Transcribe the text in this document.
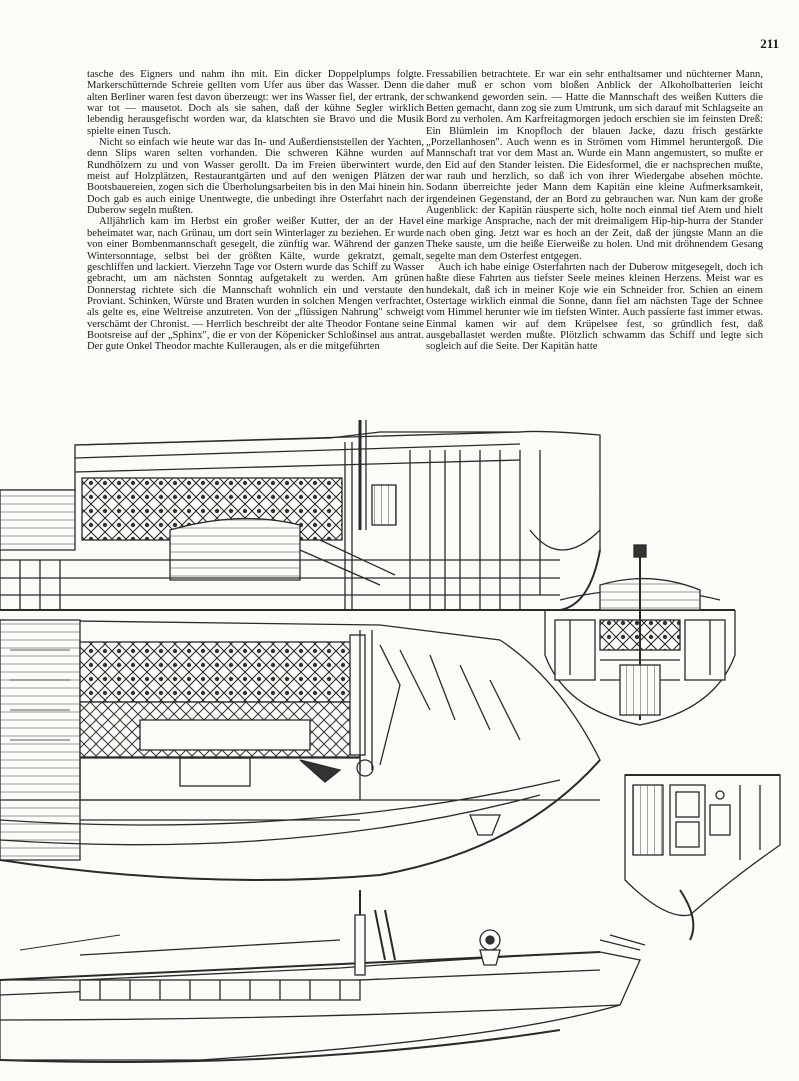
211

tasche des Eigners und nahm ihn mit. Ein dicker Doppelplumps folgte. Markerschütternde Schreie gellten vom Ufer aus über das Wasser. Denn die alten Berliner waren fest davon überzeugt: wer ins Wasser fiel, der ertrank, der war tot — mausetot. Doch als sie sahen, daß der kühne Segler wirklich lebendig herausgefischt worden war, da klatschten sie Bravo und die Musik spielte einen Tusch.

Nicht so einfach wie heute war das In- und Außerdienststellen der Yachten, denn Slips waren selten vorhanden. Die schweren Kähne wurden auf Rundhölzern zu und von Wasser gerollt. Da im Freien überwintert wurde, meist auf Holzplätzen, Restaurantgärten und auf den wenigen Plätzen der Bootsbauereien, zogen sich die Überholungsarbeiten bis in den Mai hinein hin. Doch gab es auch einige Unentwegte, die unbedingt ihre Osterfahrt nach der Duberow segeln mußten.

Alljährlich kam im Herbst ein großer weißer Kutter, der an der Havel beheimatet war, nach Grünau, um dort sein Winterlager zu beziehen. Er wurde von einer Bombenmannschaft gesegelt, die zünftig war. Während der ganzen Wintersonntage, selbst bei der größten Kälte, wurde gekratzt, gemalt, geschliffen und lackiert. Vierzehn Tage vor Ostern wurde das Schiff zu Wasser gebracht, um am nächsten Sonntag aufgetakelt zu werden. Am grünen Donnerstag richtete sich die Mannschaft wohnlich ein und verstaute den Proviant. Schinken, Würste und Braten wurden in solchen Mengen verfrachtet, als gelte es, eine Weltreise anzutreten. Von der „flüssigen Nahrung" schweigt verschämt der Chronist. — Herrlich beschreibt der alte Theodor Fontane seine Bootsreise auf der „Sphinx", die er von der Köpenicker Schloßinsel aus antrat. Der gute Onkel Theodor machte Kulleraugen, als er die mitgeführten

Fressabilien betrachtete. Er war ein sehr enthaltsamer und nüchterner Mann, daher muß er schon vom bloßen Anblick der Alkoholbatterien leicht schwankend geworden sein. — Hatte die Mannschaft des weißen Kutters die Betten gemacht, dann zog sie zum Umtrunk, um sich darauf mit Schlagseite an Bord zu verholen. Am Karfreitagmorgen jedoch erschien sie im feinsten Dreß: Ein Blümlein im Knopfloch der blauen Jacke, dazu frisch gestärkte „Porzellanhosen". Auch wenn es in Strömen vom Himmel heruntergoß. Die Mannschaft trat vor dem Mast an. Wurde ein Mann angemustert, so mußte er den Eid auf den Stander leisten. Die Eidesformel, die er nachsprechen mußte, war rauh und herzlich, so daß ich von ihrer Wiedergabe absehen möchte. Sodann überreichte jeder Mann dem Kapitän eine kleine Aufmerksamkeit, irgendeinen Gegenstand, der an Bord zu gebrauchen war. Nun kam der große Augenblick: der Kapitän räusperte sich, holte noch einmal tief Atem und hielt eine markige Ansprache, nach der mit dreimaligem Hip-hip-hurra der Stander nach oben ging. Jetzt war es hoch an der Zeit, daß der jüngste Mann an die Theke sauste, um die heiße Eierweiße zu holen. Und mit dröhnendem Gesang segelte man dem Osterfest entgegen.

Auch ich habe einige Osterfahrten nach der Duberow mitgesegelt, doch ich haßte diese Fahrten aus tiefster Seele meines kleinen Herzens. Meist war es hundekalt, daß ich in meiner Koje wie ein Schneider fror. Schien an einem Ostertage wirklich einmal die Sonne, dann fiel am nächsten Tage der Schnee vom Himmel herunter wie im tiefsten Winter. Auch passierte fast immer etwas. Einmal kamen wir auf dem Krüpelsee fest, so gründlich fest, daß ausgeballastet werden mußte. Plötzlich schwamm das Schiff und legte sich sogleich auf die Seite. Der Kapitän hatte
